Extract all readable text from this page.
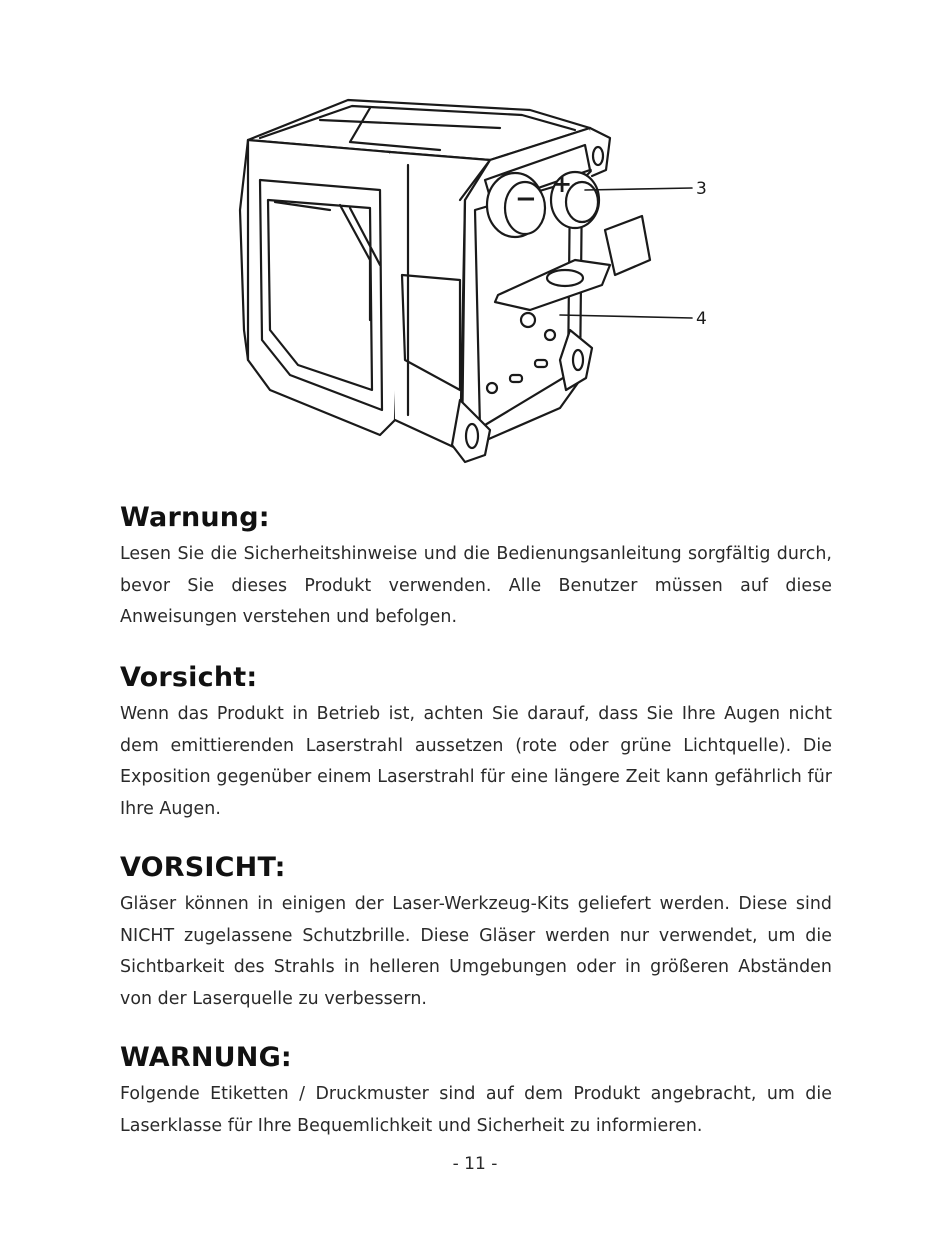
− +	3
4
Warnung:

Lesen Sie die Sicherheitshinweise und die Bedienungsanleitung sorgfältig durch, bevor Sie dieses Produkt verwenden. Alle Benutzer müssen auf diese Anweisungen verstehen und befolgen.

Vorsicht:

Wenn das Produkt in Betrieb ist, achten Sie darauf, dass Sie Ihre Augen nicht dem emittierenden Laserstrahl aussetzen (rote oder grüne Lichtquelle). Die Exposition gegenüber einem Laserstrahl für eine längere Zeit kann gefährlich für Ihre Augen.

VORSICHT:

Gläser können in einigen der Laser-Werkzeug-Kits geliefert werden. Diese sind NICHT zugelassene Schutzbrille. Diese Gläser werden nur verwendet, um die Sichtbarkeit des Strahls in helleren Umgebungen oder in größeren Abständen von der Laserquelle zu verbessern.

WARNUNG:

Folgende Etiketten / Druckmuster sind auf dem Produkt angebracht, um die Laserklasse für Ihre Bequemlichkeit und Sicherheit zu informieren.

- 11 -
